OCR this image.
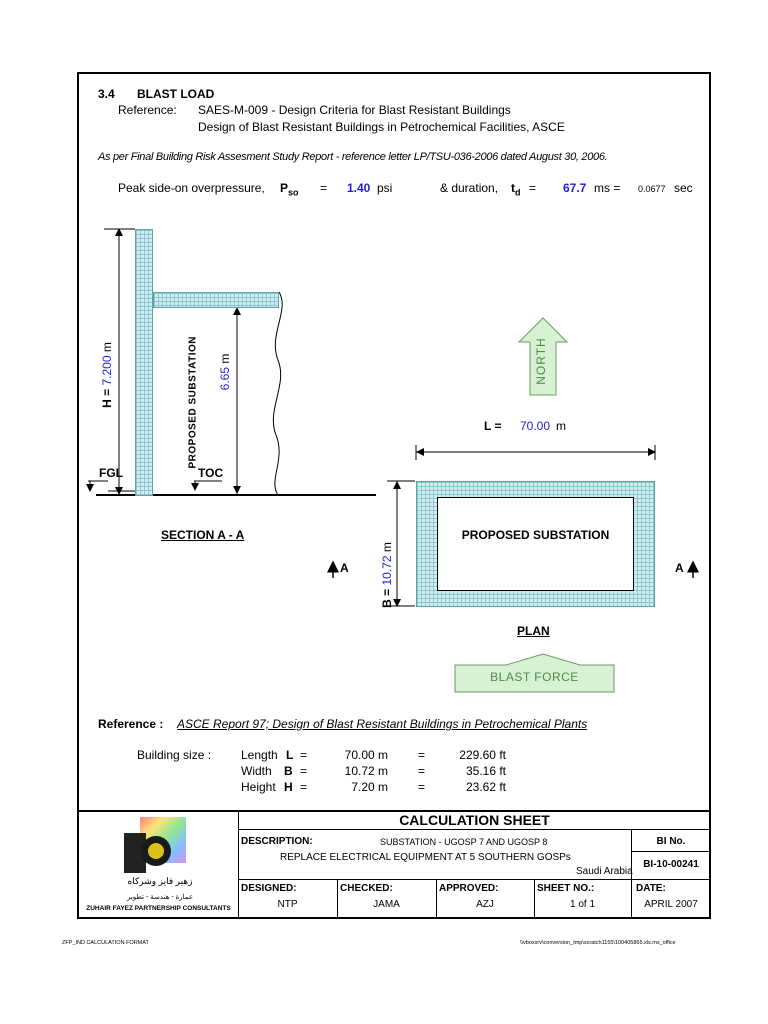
3.4 BLAST LOAD
Reference: SAES-M-009 - Design Criteria for Blast Resistant Buildings
Design of Blast Resistant Buildings in Petrochemical Facilities, ASCE
As per Final Building Risk Assesment Study Report - reference letter LP/TSU-036-2006 dated August 30, 2006.
Peak side-on overpressure, $P_{so} = 1.40$ psi	& duration, $t_d = 67.7$ ms = 0.0677 sec
H = 7.200 m
6.65 m
PROPOSED SUBSTATION
FGL	TOC
SECTION A - A
NORTH
L = 70.00 m
PROPOSED SUBSTATION
B = 10.72 m
A	A
PLAN
BLAST FORCE
Reference : ASCE Report 97; Design of Blast Resistant Buildings in Petrochemical Plants
Building size : Length L =	70.00 m	=	229.60 ft
Width B =	10.72 m	=	35.16 ft
Height H =	7.20 m	=	23.62 ft
زهير فايز وشركاه
عمارة - هندسة - تطوير
ZUHAIR FAYEZ PARTNERSHIP CONSULTANTS
CALCULATION SHEET
DESCRIPTION:	SUBSTATION - UGOSP 7 AND UGOSP 8
REPLACE ELECTRICAL EQUIPMENT AT 5 SOUTHERN GOSPs
Saudi Arabia
BI No.
BI-10-00241
DESIGNED:
NTP
CHECKED:
JAMA
APPROVED:
AZJ
SHEET NO.:
1 of 1
DATE:
APRIL 2007
ZFP_IND CALCULATION FORMAT	\\vboxsrv\conversion_tmp\scratch1155\100405865.xls.ms_office
